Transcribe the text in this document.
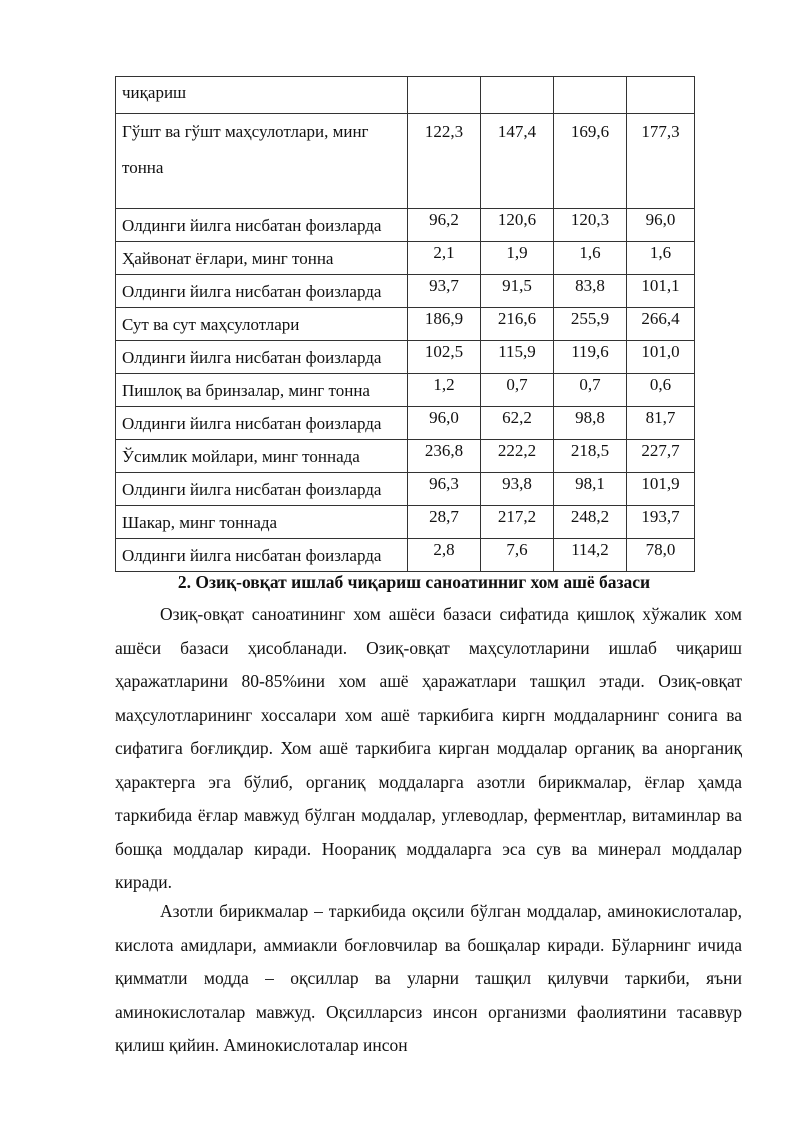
чиқариш				
Гўшт ва гўшт маҳсулотлари, минг тонна	122,3	147,4	169,6	177,3
Олдинги йилга нисбатан фоизларда	96,2	120,6	120,3	96,0
Ҳайвонат ёғлари, минг тонна	2,1	1,9	1,6	1,6
Олдинги йилга нисбатан фоизларда	93,7	91,5	83,8	101,1
Сут ва сут маҳсулотлари	186,9	216,6	255,9	266,4
Олдинги йилга нисбатан фоизларда	102,5	115,9	119,6	101,0
Пишлоқ ва бринзалар, минг тонна	1,2	0,7	0,7	0,6
Олдинги йилга нисбатан фоизларда	96,0	62,2	98,8	81,7
Ўсимлик мойлари, минг тоннада	236,8	222,2	218,5	227,7
Олдинги йилга нисбатан фоизларда	96,3	93,8	98,1	101,9
Шакар, минг тоннада	28,7	217,2	248,2	193,7
Олдинги йилга нисбатан фоизларда	2,8	7,6	114,2	78,0
2. Озиқ-овқат ишлаб чиқариш саноатинниг хом ашё базаси

Озиқ-овқат саноатининг хом ашёси базаси сифатида қишлоқ хўжалик хом ашёси базаси ҳисобланади. Озиқ-овқат маҳсулотларини ишлаб чиқариш ҳаражатларини 80-85%ини хом ашё ҳаражатлари ташқил этади. Озиқ-овқат маҳсулотларининг хоссалари хом ашё таркибига киргн моддаларнинг сонига ва сифатига боғлиқдир. Хом ашё таркибига кирган моддалар органиқ ва анорганиқ ҳарактерга эга бўлиб, органиқ моддаларга азотли бирикмалар, ёғлар ҳамда таркибида ёғлар мавжуд бўлган моддалар, углеводлар, ферментлар, витаминлар ва бошқа моддалар киради. Ноораниқ моддаларга эса сув ва минерал моддалар киради.

Азотли бирикмалар – таркибида оқсили бўлган моддалар, аминокислоталар, кислота амидлари, аммиакли боғловчилар ва бошқалар киради. Бўларнинг ичида қимматли модда – оқсиллар ва уларни ташқил қилувчи таркиби, яъни аминокислоталар мавжуд. Оқсилларсиз инсон организми фаолиятини тасаввур қилиш қийин. Аминокислоталар инсон
